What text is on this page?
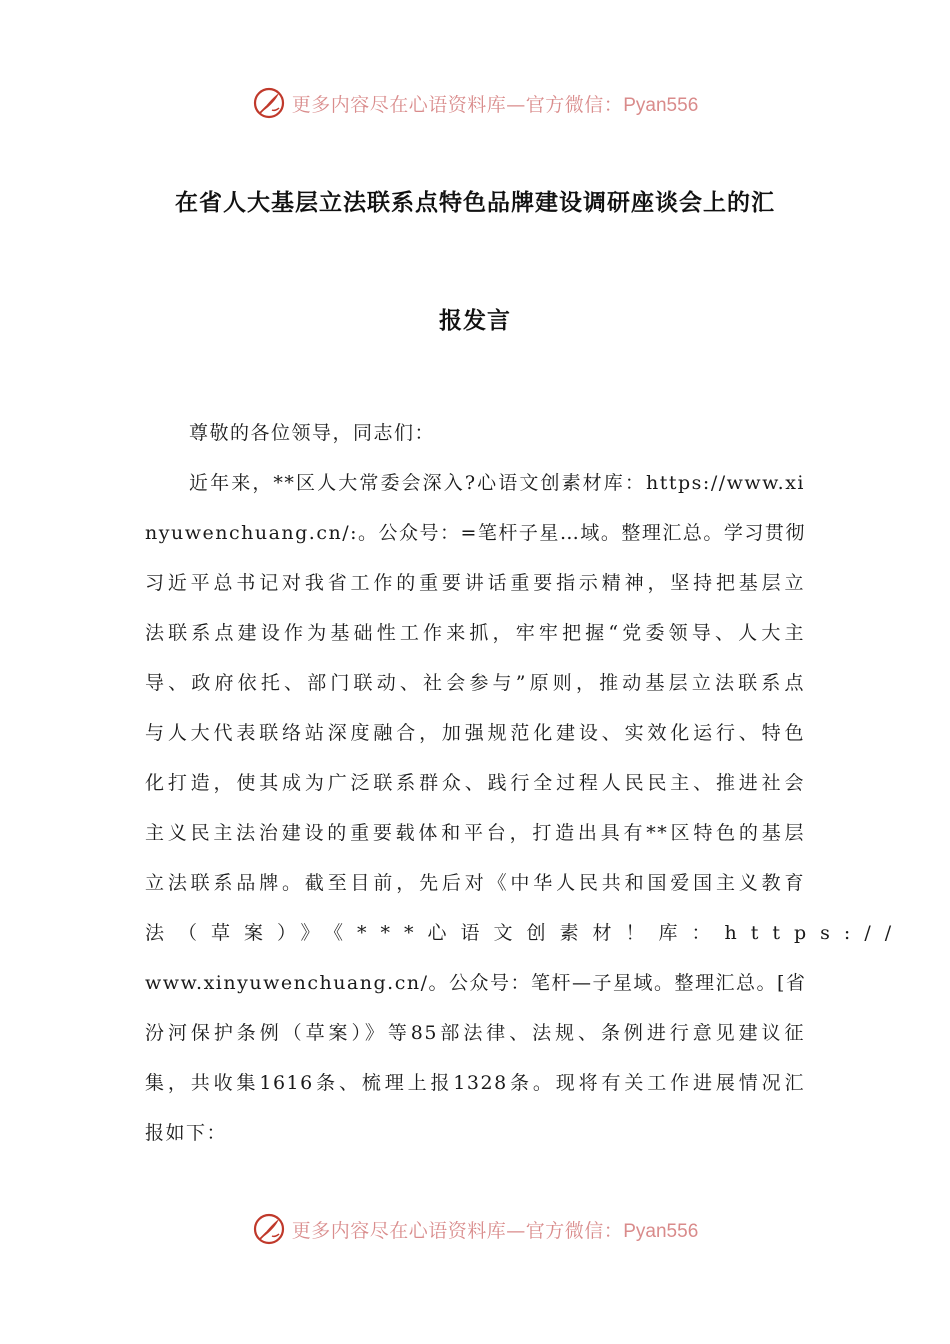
更多内容尽在心语资料库—官方微信：Pyan556
在省人大基层立法联系点特色品牌建设调研座谈会上的汇
报发言
尊敬的各位领导，同志们：
近年来，**区人大常委会深入?心语文创素材库：https://www.xi
nyuwenchuang.cn/:。公众号：=笔杆子星…域。整理汇总。学习贯彻
习近平总书记对我省工作的重要讲话重要指示精神，坚持把基层立
法联系点建设作为基础性工作来抓，牢牢把握“党委领导、人大主
导、政府依托、部门联动、社会参与”原则，推动基层立法联系点
与人大代表联络站深度融合，加强规范化建设、实效化运行、特色
化打造，使其成为广泛联系群众、践行全过程人民民主、推进社会
主义民主法治建设的重要载体和平台，打造出具有**区特色的基层
立法联系品牌。截至目前，先后对《中华人民共和国爱国主义教育
法（草案）》《***心语文创素材！库：https://
www.xinyuwenchuang.cn/。公众号：笔杆—子星域。整理汇总。[省
汾河保护条例（草案）》等85部法律、法规、条例进行意见建议征
集，共收集1616条、梳理上报1328条。现将有关工作进展情况汇
报如下：
更多内容尽在心语资料库—官方微信：Pyan556
